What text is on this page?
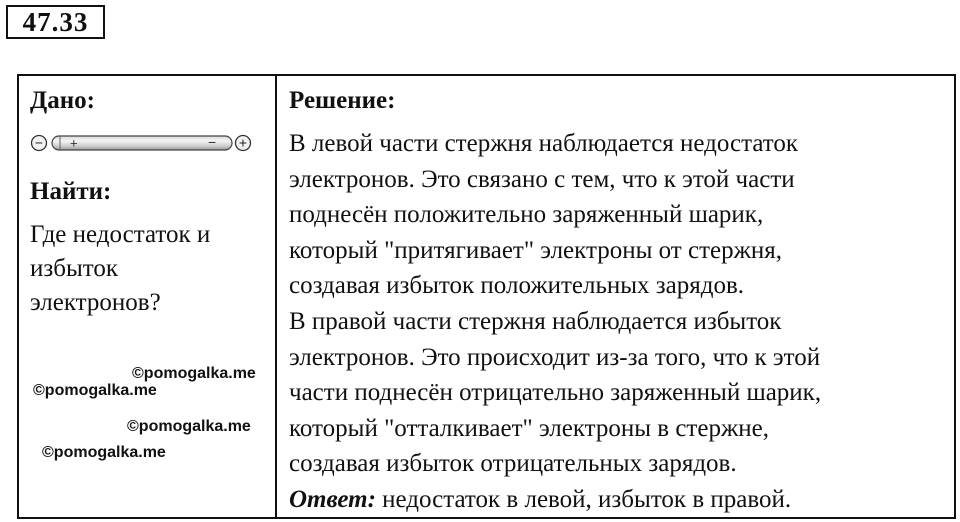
47.33
Дано:
− +	− +
Найти:
Где недостаток и
избыток
электронов?
©pomogalka.me
©pomogalka.me
©pomogalka.me
©pomogalka.me
Решение:
В левой части стержня наблюдается недостаток
электронов. Это связано с тем, что к этой части
поднесён положительно заряженный шарик,
который "притягивает" электроны от стержня,
создавая избыток положительных зарядов.
В правой части стержня наблюдается избыток
электронов. Это происходит из-за того, что к этой
части поднесён отрицательно заряженный шарик,
который "отталкивает" электроны в стержне,
создавая избыток отрицательных зарядов.
Ответ: недостаток в левой, избыток в правой.
